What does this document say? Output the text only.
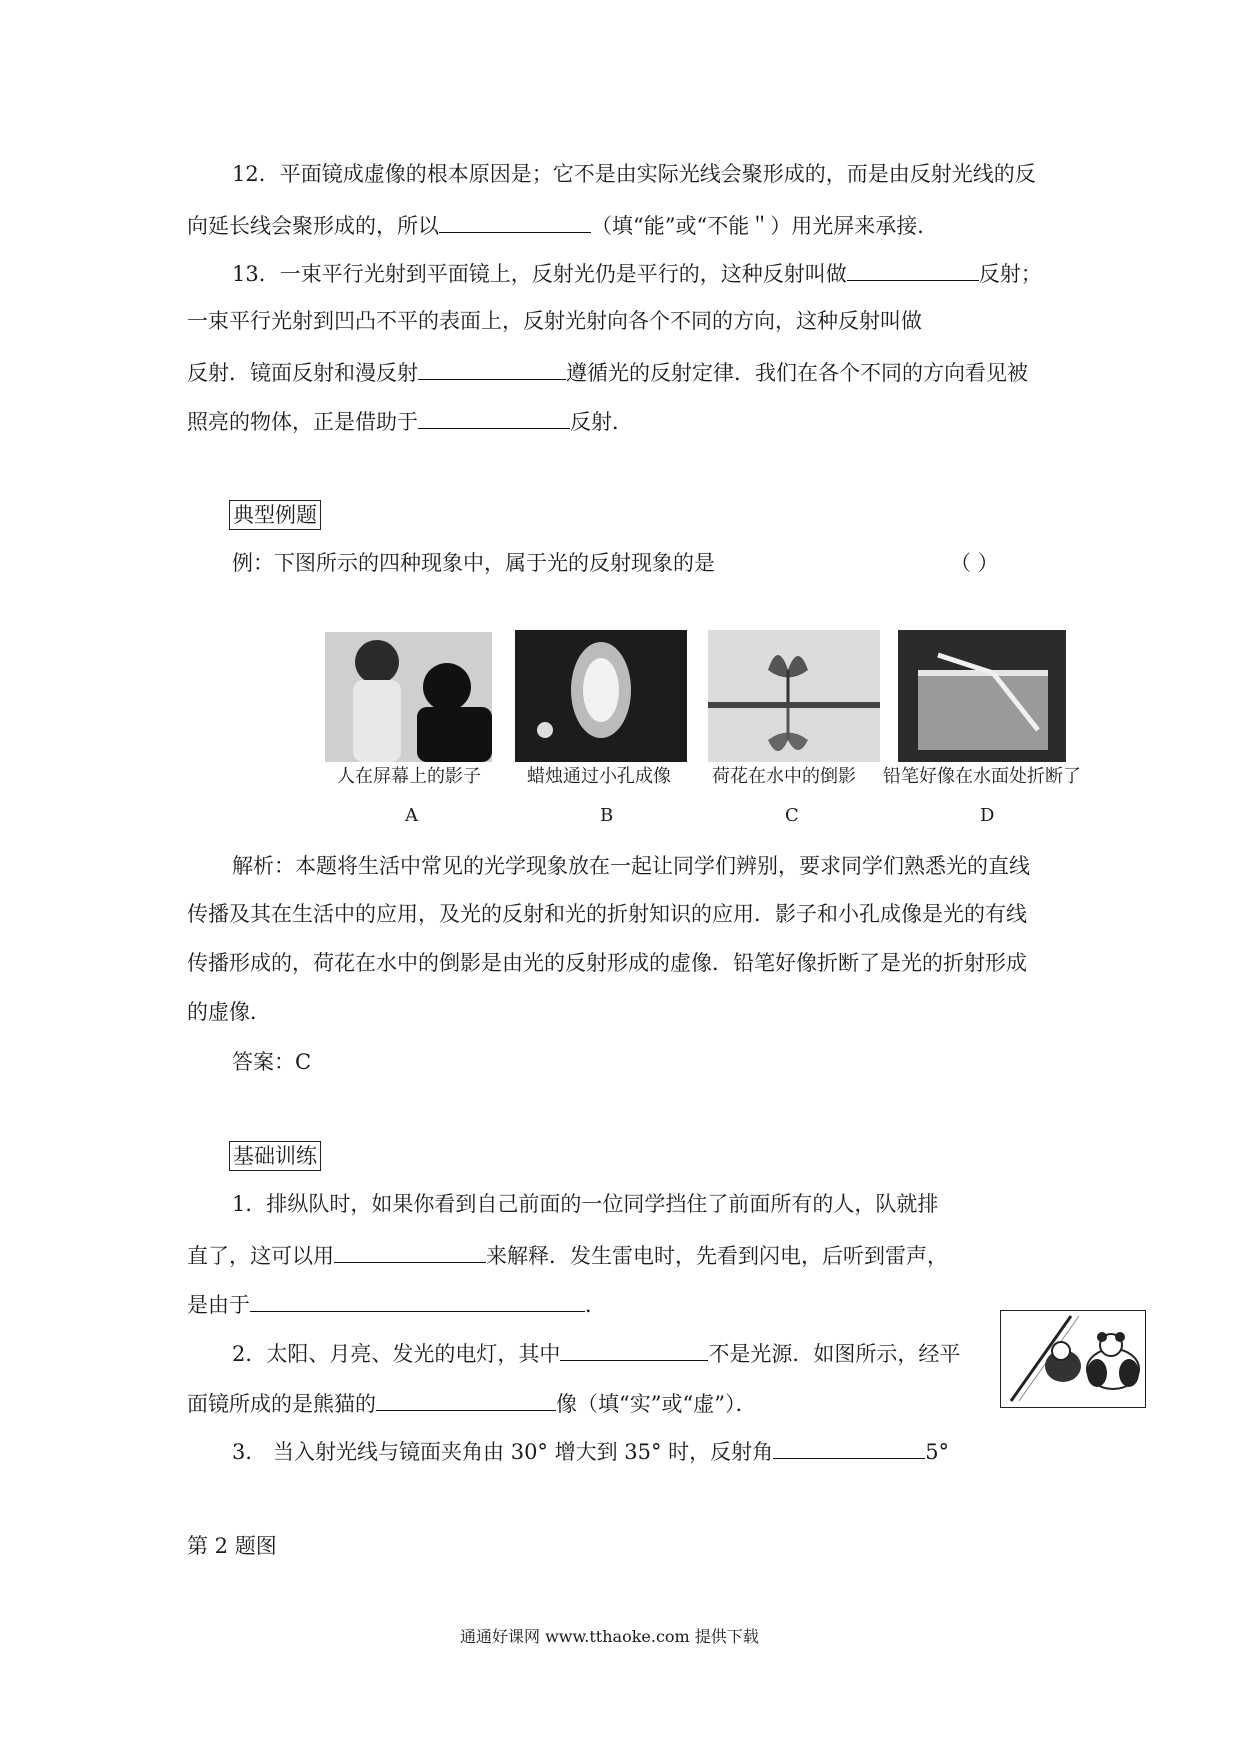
12．平面镜成虚像的根本原因是；它不是由实际光线会聚形成的，而是由反射光线的反
向延长线会聚形成的，所以	（填“能”或“不能＂）用光屏来承接．
13．一束平行光射到平面镜上，反射光仍是平行的，这种反射叫做	反射；
一束平行光射到凹凸不平的表面上，反射光射向各个不同的方向，这种反射叫做
反射．镜面反射和漫反射	遵循光的反射定律．我们在各个不同的方向看见被
照亮的物体，正是借助于	反射．
典型例题
例：下图所示的四种现象中，属于光的反射现象的是	（ ）
人在屏幕上的影子	蜡烛通过小孔成像 荷花在水中的倒影 铅笔好像在水面处折断了
A	B	C	D
解析：本题将生活中常见的光学现象放在一起让同学们辨别，要求同学们熟悉光的直线
传播及其在生活中的应用，及光的反射和光的折射知识的应用．影子和小孔成像是光的有线
传播形成的，荷花在水中的倒影是由光的反射形成的虚像．铅笔好像折断了是光的折射形成
的虚像．
答案：C
基础训练
1．排纵队时，如果你看到自己前面的一位同学挡住了前面所有的人，队就排
直了，这可以用	来解释．发生雷电时，先看到闪电，后听到雷声，
是由于	．
2．太阳、月亮、发光的电灯，其中	不是光源．如图所示，经平
面镜所成的是熊猫的	像（填“实”或“虚”）．
3． 当入射光线与镜面夹角由 30° 增大到 35° 时，反射角	5°
第 2 题图
通通好课网 www.tthaoke.com 提供下载
